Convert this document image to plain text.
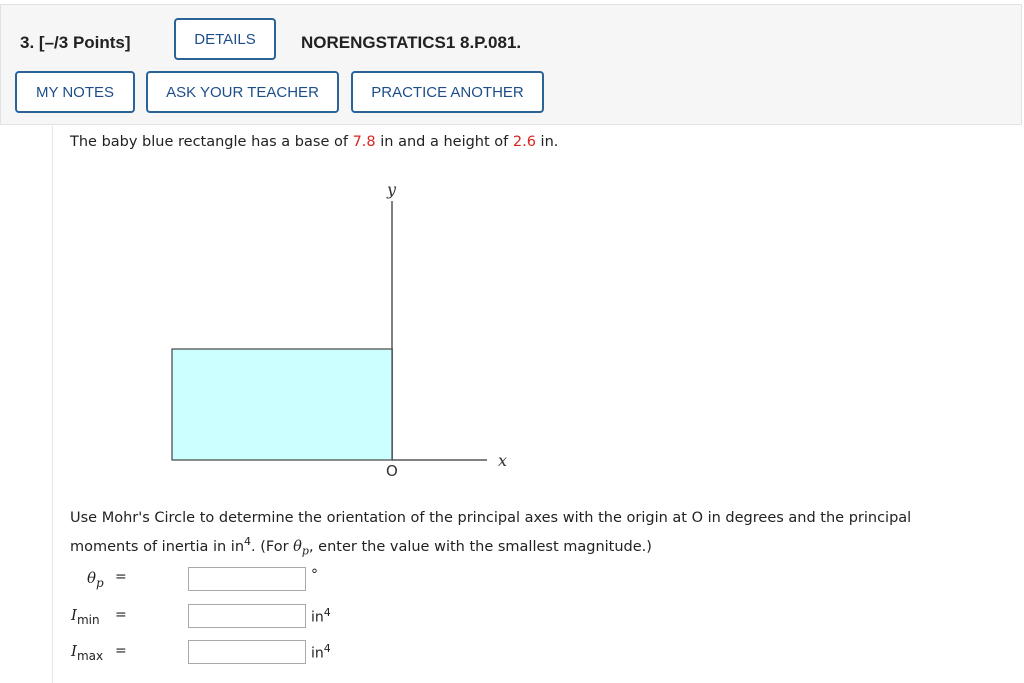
3. [–/3 Points]	DETAILS	NORENGSTATICS1 8.P.081.
MY NOTES	ASK YOUR TEACHER	PRACTICE ANOTHER
The baby blue rectangle has a base of 7.8 in and a height of 2.6 in.
y
x
O
Use Mohr's Circle to determine the orientation of the principal axes with the origin at O in degrees and the principal
moments of inertia in $in^4$. (For $\theta_p$, enter the value with the smallest magnitude.)
$\theta_p$ =	°
$I_{min}$ =	$in^4$
$I_{max}$ =	$in^4$
